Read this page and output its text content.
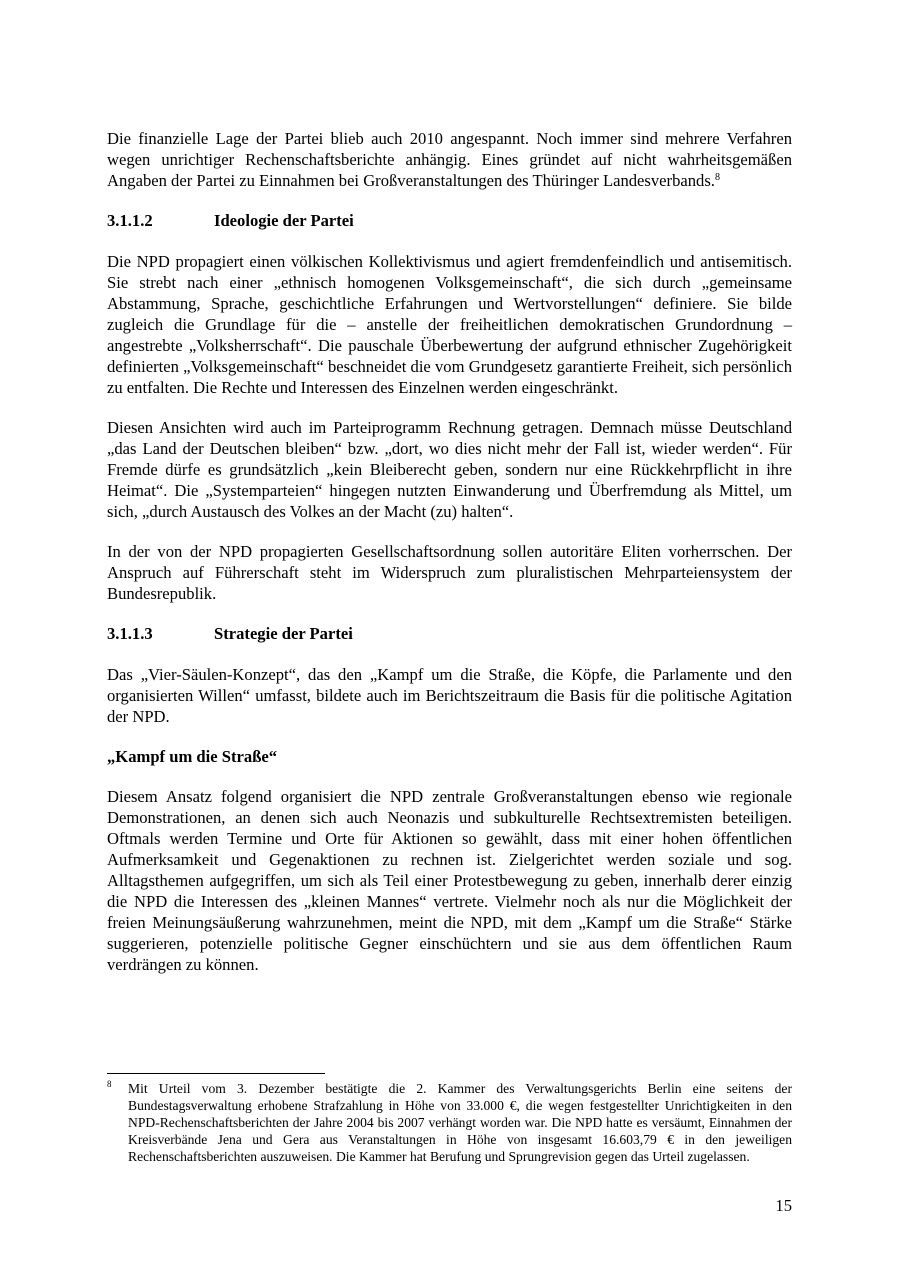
Die finanzielle Lage der Partei blieb auch 2010 angespannt. Noch immer sind mehrere Verfahren wegen unrichtiger Rechenschaftsberichte anhängig. Eines gründet auf nicht wahrheitsgemäßen Angaben der Partei zu Einnahmen bei Großveranstaltungen des Thüringer Landesverbands.$^8$

3.1.1.2	Ideologie der Partei

Die NPD propagiert einen völkischen Kollektivismus und agiert fremdenfeindlich und antisemitisch. Sie strebt nach einer „ethnisch homogenen Volksgemeinschaft“, die sich durch „gemeinsame Abstammung, Sprache, geschichtliche Erfahrungen und Wertvorstellungen“ definiere. Sie bilde zugleich die Grundlage für die – anstelle der freiheitlichen demokratischen Grundordnung – angestrebte „Volksherrschaft“. Die pauschale Überbewertung der aufgrund ethnischer Zugehörigkeit definierten „Volksgemeinschaft“ beschneidet die vom Grundgesetz garantierte Freiheit, sich persönlich zu entfalten. Die Rechte und Interessen des Einzelnen werden eingeschränkt.

Diesen Ansichten wird auch im Parteiprogramm Rechnung getragen. Demnach müsse Deutschland „das Land der Deutschen bleiben“ bzw. „dort, wo dies nicht mehr der Fall ist, wieder werden“. Für Fremde dürfe es grundsätzlich „kein Bleiberecht geben, sondern nur eine Rückkehrpflicht in ihre Heimat“. Die „Systemparteien“ hingegen nutzten Einwanderung und Überfremdung als Mittel, um sich, „durch Austausch des Volkes an der Macht (zu) halten“.

In der von der NPD propagierten Gesellschaftsordnung sollen autoritäre Eliten vorherrschen. Der Anspruch auf Führerschaft steht im Widerspruch zum pluralistischen Mehrparteiensystem der Bundesrepublik.

3.1.1.3	Strategie der Partei

Das „Vier-Säulen-Konzept“, das den „Kampf um die Straße, die Köpfe, die Parlamente und den organisierten Willen“ umfasst, bildete auch im Berichtszeitraum die Basis für die politische Agitation der NPD.

„Kampf um die Straße“

Diesem Ansatz folgend organisiert die NPD zentrale Großveranstaltungen ebenso wie regionale Demonstrationen, an denen sich auch Neonazis und subkulturelle Rechtsextremisten beteiligen. Oftmals werden Termine und Orte für Aktionen so gewählt, dass mit einer hohen öffentlichen Aufmerksamkeit und Gegenaktionen zu rechnen ist. Zielgerichtet werden soziale und sog. Alltagsthemen aufgegriffen, um sich als Teil einer Protestbewegung zu geben, innerhalb derer einzig die NPD die Interessen des „kleinen Mannes“ vertrete. Vielmehr noch als nur die Möglichkeit der freien Meinungsäußerung wahrzunehmen, meint die NPD, mit dem „Kampf um die Straße“ Stärke suggerieren, potenzielle politische Gegner einschüchtern und sie aus dem öffentlichen Raum verdrängen zu können.

8 Mit Urteil vom 3. Dezember bestätigte die 2. Kammer des Verwaltungsgerichts Berlin eine seitens der Bundestagsverwaltung erhobene Strafzahlung in Höhe von 33.000 €, die wegen festgestellter Unrichtigkeiten in den NPD-Rechenschaftsberichten der Jahre 2004 bis 2007 verhängt worden war. Die NPD hatte es versäumt, Einnahmen der Kreisverbände Jena und Gera aus Veranstaltungen in Höhe von insgesamt 16.603,79 € in den jeweiligen Rechenschaftsberichten auszuweisen. Die Kammer hat Berufung und Sprungrevision gegen das Urteil zugelassen.
15
